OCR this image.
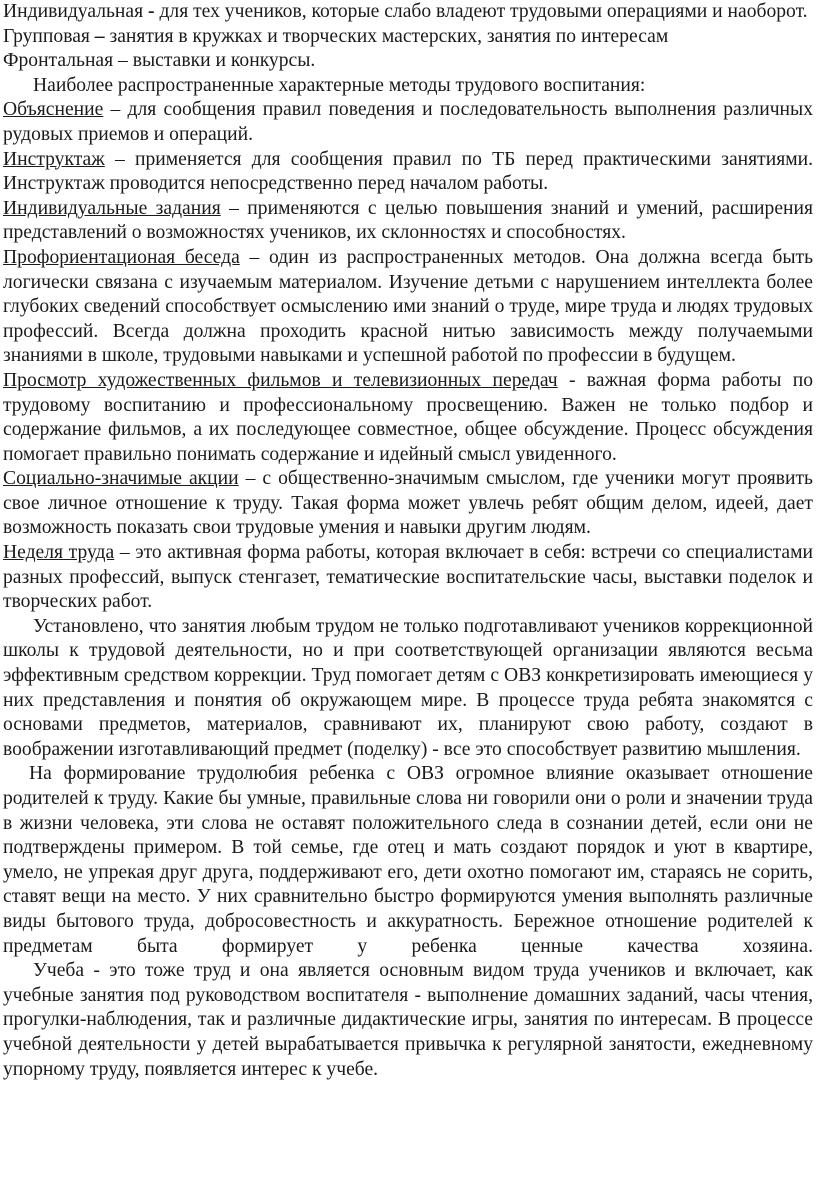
Индивидуальная - для тех учеников, которые слабо владеют трудовыми операциями и наоборот.

Групповая – занятия в кружках и творческих мастерских, занятия по интересам

Фронтальная – выставки и конкурсы.

Наиболее распространенные характерные методы трудового воспитания:

Объяснение – для сообщения правил поведения и последовательность выполнения различных рудовых приемов и операций.

Инструктаж – применяется для сообщения правил по ТБ перед практическими занятиями. Инструктаж проводится непосредственно перед началом работы.

Индивидуальные задания – применяются с целью повышения знаний и умений, расширения представлений о возможностях учеников, их склонностях и способностях.

Профориентационая беседа – один из распространенных методов. Она должна всегда быть логически связана с изучаемым материалом. Изучение детьми с нарушением интеллекта более глубоких сведений способствует осмыслению ими знаний о труде, мире труда и людях трудовых профессий. Всегда должна проходить красной нитью зависимость между получаемыми знаниями в школе, трудовыми навыками и успешной работой по профессии в будущем.

Просмотр художественных фильмов и телевизионных передач - важная форма работы по трудовому воспитанию и профессиональному просвещению. Важен не только подбор и содержание фильмов, а их последующее совместное, общее обсуждение. Процесс обсуждения помогает правильно понимать содержание и идейный смысл увиденного.

Социально-значимые акции – с общественно-значимым смыслом, где ученики могут проявить свое личное отношение к труду. Такая форма может увлечь ребят общим делом, идеей, дает возможность показать свои трудовые умения и навыки другим людям.

Неделя труда – это активная форма работы, которая включает в себя: встречи со специалистами разных профессий, выпуск стенгазет, тематические воспитательские часы, выставки поделок и творческих работ.

Установлено, что занятия любым трудом не только подготавливают учеников коррекционной школы к трудовой деятельности, но и при соответствующей организации являются весьма эффективным средством коррекции. Труд помогает детям с ОВЗ конкретизировать имеющиеся у них представления и понятия об окружающем мире. В процессе труда ребята знакомятся с основами предметов, материалов, сравнивают их, планируют свою работу, создают в воображении изготавливающий предмет (поделку) - все это способствует развитию мышления.

На формирование трудолюбия ребенка с ОВЗ огромное влияние оказывает отношение родителей к труду. Какие бы умные, правильные слова ни говорили они о роли и значении труда в жизни человека, эти слова не оставят положительного следа в сознании детей, если они не подтверждены примером. В той семье, где отец и мать создают порядок и уют в квартире, умело, не упрекая друг друга, поддерживают его, дети охотно помогают им, стараясь не сорить, ставят вещи на место. У них сравнительно быстро формируются умения выполнять различные виды бытового труда, добросовестность и аккуратность. Бережное отношение родителей к предметам быта формирует у ребенка ценные качества хозяина.

Учеба - это тоже труд и она является основным видом труда учеников и включает, как учебные занятия под руководством воспитателя - выполнение домашних заданий, часы чтения, прогулки-наблюдения, так и различные дидактические игры, занятия по интересам. В процессе учебной деятельности у детей вырабатывается привычка к регулярной занятости, ежедневному упорному труду, появляется интерес к учебе.
